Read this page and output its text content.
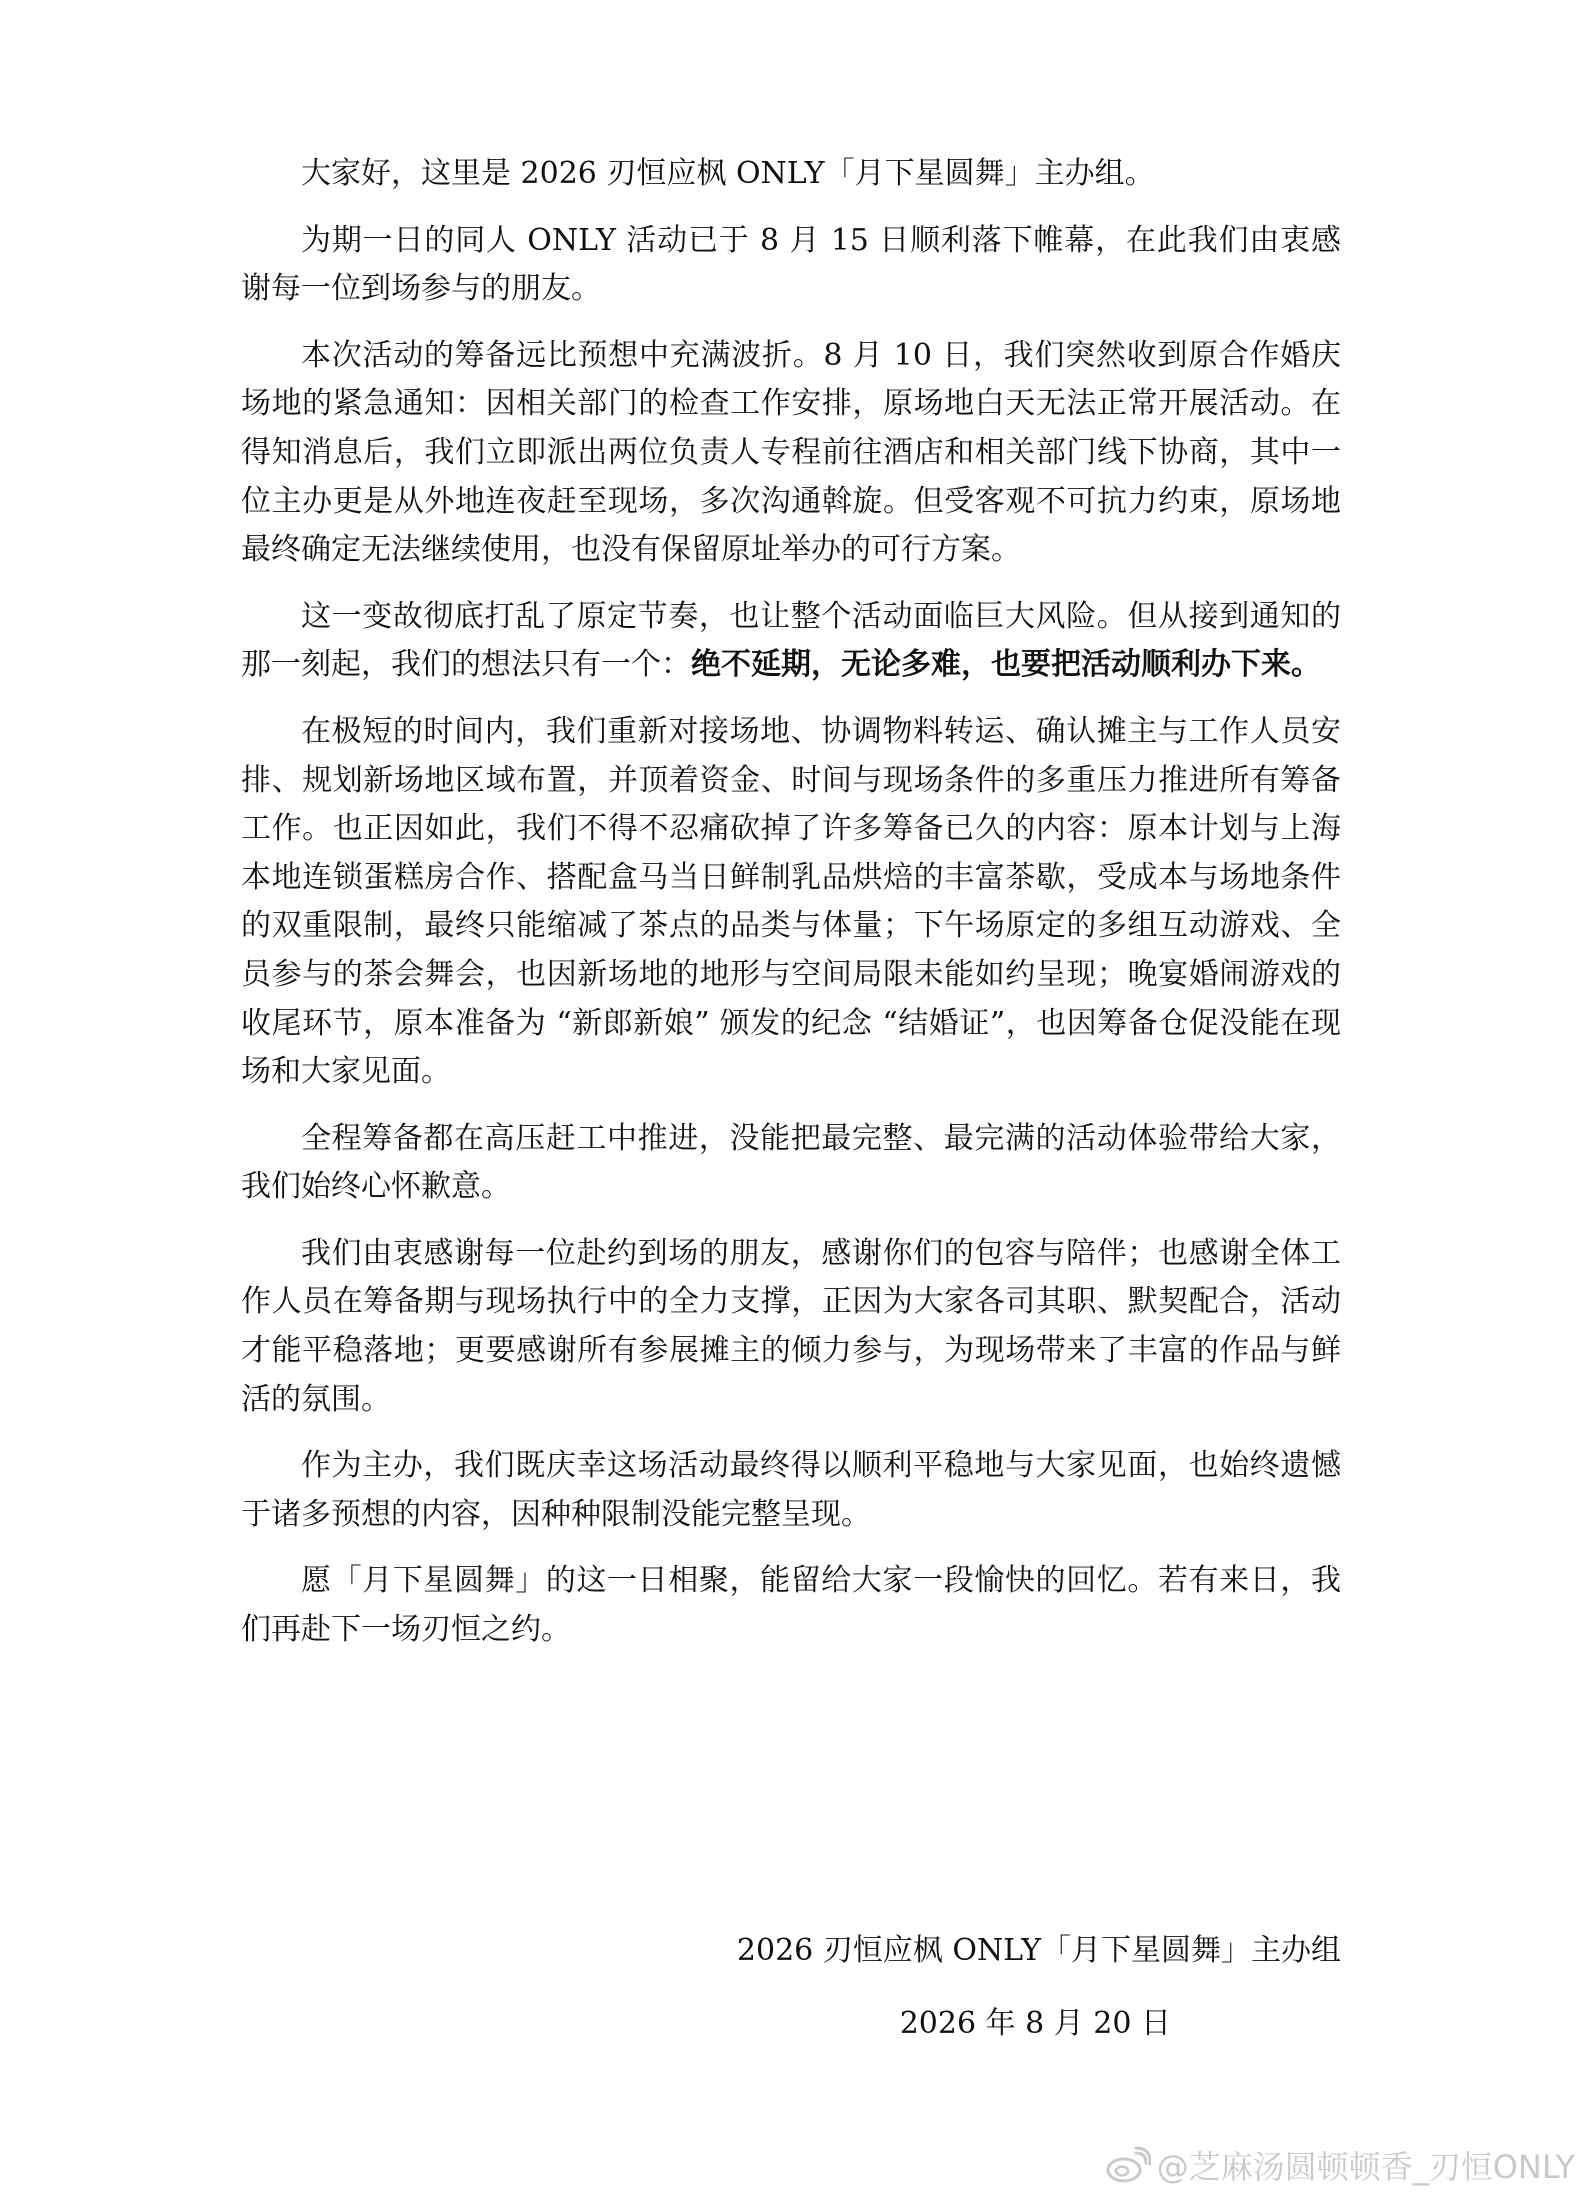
大家好，这里是 2026 刃恒应枫 ONLY「月下星圆舞」主办组。

为期一日的同人 ONLY 活动已于 8 月 15 日顺利落下帷幕，在此我们由衷感谢每一位到场参与的朋友。

本次活动的筹备远比预想中充满波折。8 月 10 日，我们突然收到原合作婚庆场地的紧急通知：因相关部门的检查工作安排，原场地白天无法正常开展活动。在得知消息后，我们立即派出两位负责人专程前往酒店和相关部门线下协商，其中一位主办更是从外地连夜赶至现场，多次沟通斡旋。但受客观不可抗力约束，原场地最终确定无法继续使用，也没有保留原址举办的可行方案。

这一变故彻底打乱了原定节奏，也让整个活动面临巨大风险。但从接到通知的那一刻起，我们的想法只有一个：绝不延期，无论多难，也要把活动顺利办下来。

在极短的时间内，我们重新对接场地、协调物料转运、确认摊主与工作人员安排、规划新场地区域布置，并顶着资金、时间与现场条件的多重压力推进所有筹备工作。也正因如此，我们不得不忍痛砍掉了许多筹备已久的内容：原本计划与上海本地连锁蛋糕房合作、搭配盒马当日鲜制乳品烘焙的丰富茶歇，受成本与场地条件的双重限制，最终只能缩减了茶点的品类与体量；下午场原定的多组互动游戏、全员参与的茶会舞会，也因新场地的地形与空间局限未能如约呈现；晚宴婚闹游戏的收尾环节，原本准备为 “新郎新娘” 颁发的纪念 “结婚证”，也因筹备仓促没能在现场和大家见面。

全程筹备都在高压赶工中推进，没能把最完整、最完满的活动体验带给大家，我们始终心怀歉意。

我们由衷感谢每一位赴约到场的朋友，感谢你们的包容与陪伴；也感谢全体工作人员在筹备期与现场执行中的全力支撑，正因为大家各司其职、默契配合，活动才能平稳落地；更要感谢所有参展摊主的倾力参与，为现场带来了丰富的作品与鲜活的氛围。

作为主办，我们既庆幸这场活动最终得以顺利平稳地与大家见面，也始终遗憾于诸多预想的内容，因种种限制没能完整呈现。

愿「月下星圆舞」的这一日相聚，能留给大家一段愉快的回忆。若有来日，我们再赴下一场刃恒之约。

2026 刃恒应枫 ONLY「月下星圆舞」主办组
2026 年 8 月 20 日
@芝麻汤圆顿顿香_刃恒ONLY
